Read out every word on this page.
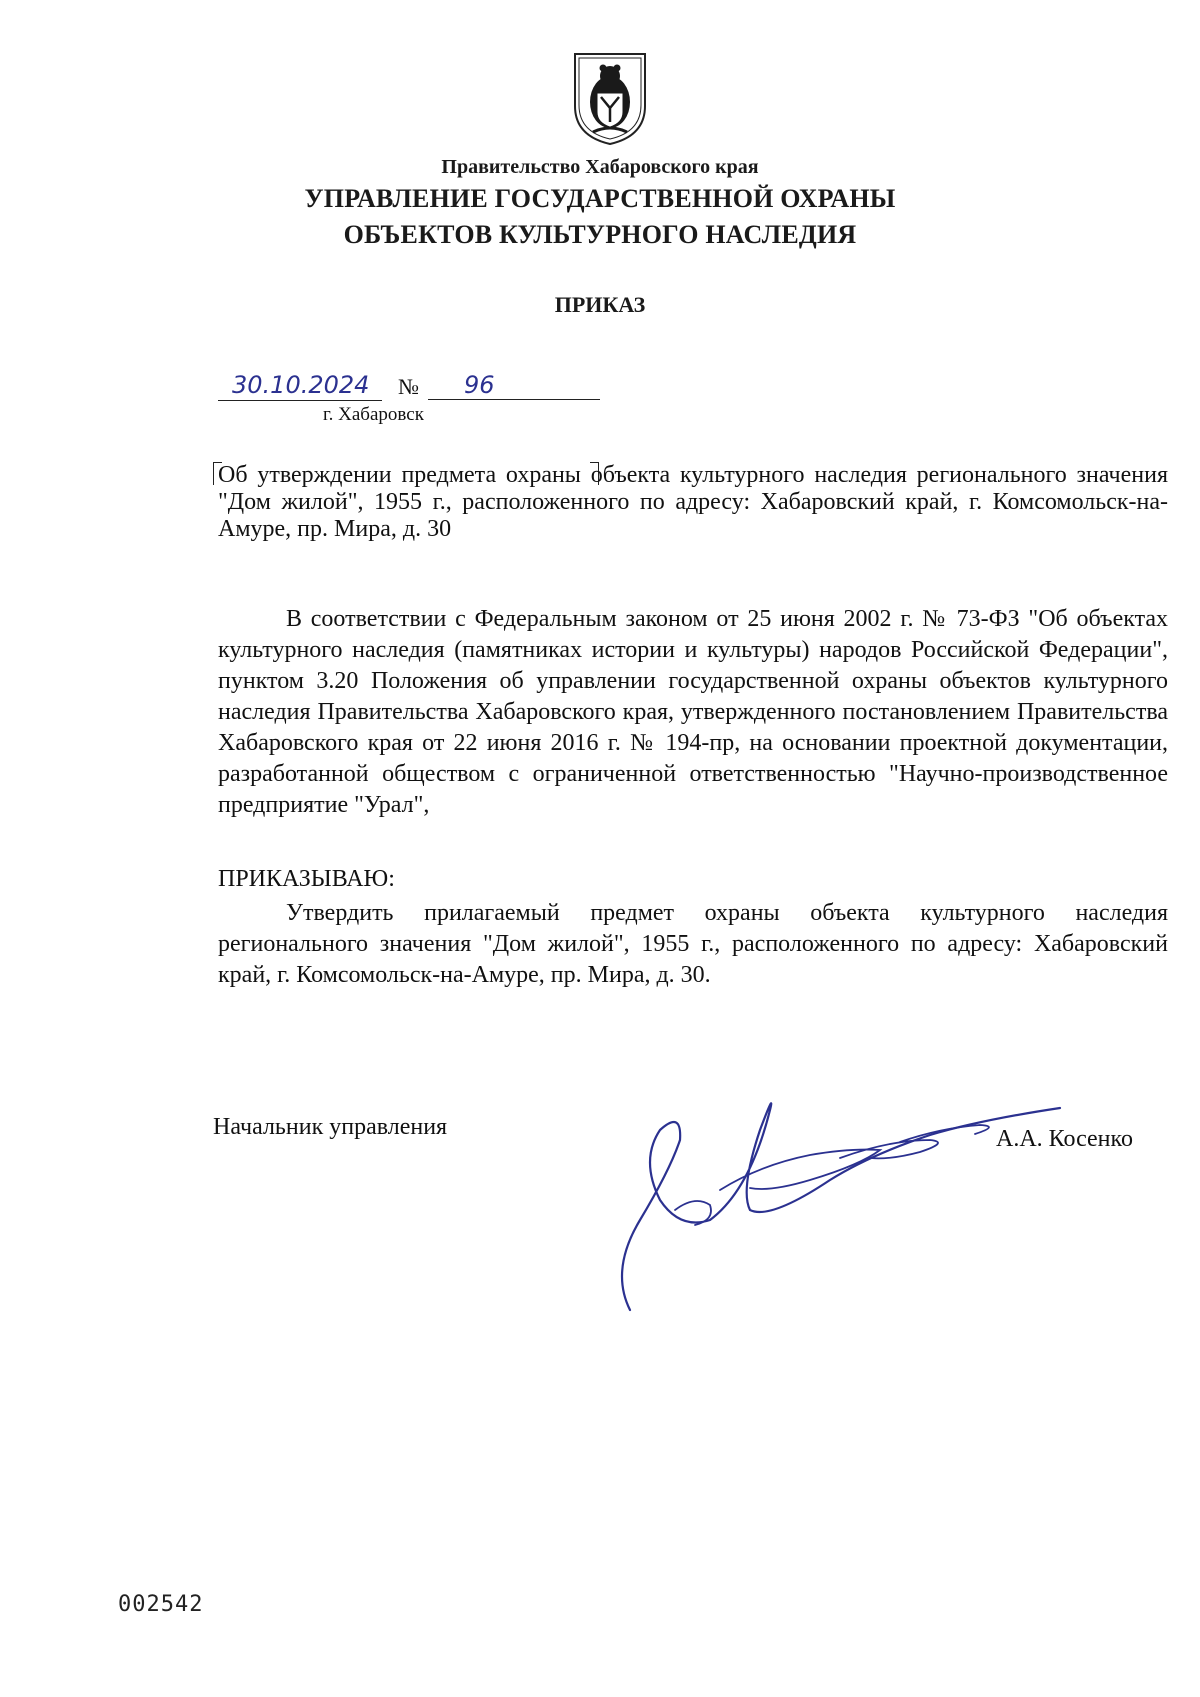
Правительство Хабаровского края
УПРАВЛЕНИЕ ГОСУДАРСТВЕННОЙ ОХРАНЫ
ОБЪЕКТОВ КУЛЬТУРНОГО НАСЛЕДИЯ
ПРИКАЗ
30.10.2024	№	96
г. Хабаровск
Об утверждении предмета охраны объекта культурного наследия регионального значения "Дом жилой", 1955 г., расположенного по адресу: Хабаровский край, г. Комсомольск-на-Амуре, пр. Мира, д. 30
В соответствии с Федеральным законом от 25 июня 2002 г. № 73-ФЗ "Об объектах культурного наследия (памятниках истории и культуры) народов Российской Федерации", пунктом 3.20 Положения об управлении государственной охраны объектов культурного наследия Правительства Хабаровского края, утвержденного постановлением Правительства Хабаровского края от 22 июня 2016 г. № 194-пр, на основании проектной документации, разработанной обществом с ограниченной ответственностью "Научно-производственное предприятие "Урал",
ПРИКАЗЫВАЮ:
Утвердить прилагаемый предмет охраны объекта культурного наследия регионального значения "Дом жилой", 1955 г., расположенного по адресу: Хабаровский край, г. Комсомольск-на-Амуре, пр. Мира, д. 30.
Начальник управления	А.А. Косенко
002542
